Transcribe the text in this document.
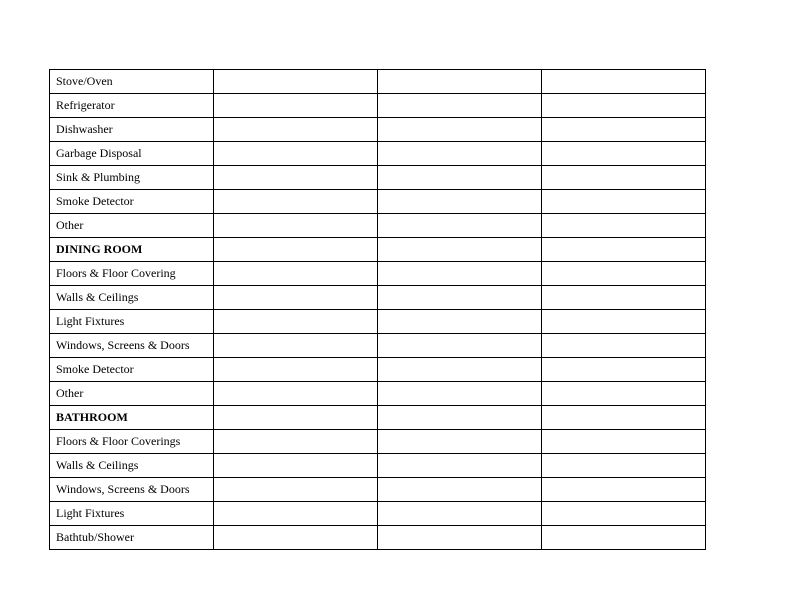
Stove/Oven			
Refrigerator			
Dishwasher			
Garbage Disposal			
Sink & Plumbing			
Smoke Detector			
Other			
DINING ROOM			
Floors & Floor Covering			
Walls & Ceilings			
Light Fixtures			
Windows, Screens & Doors			
Smoke Detector			
Other			
BATHROOM			
Floors & Floor Coverings			
Walls & Ceilings			
Windows, Screens & Doors			
Light Fixtures			
Bathtub/Shower			
